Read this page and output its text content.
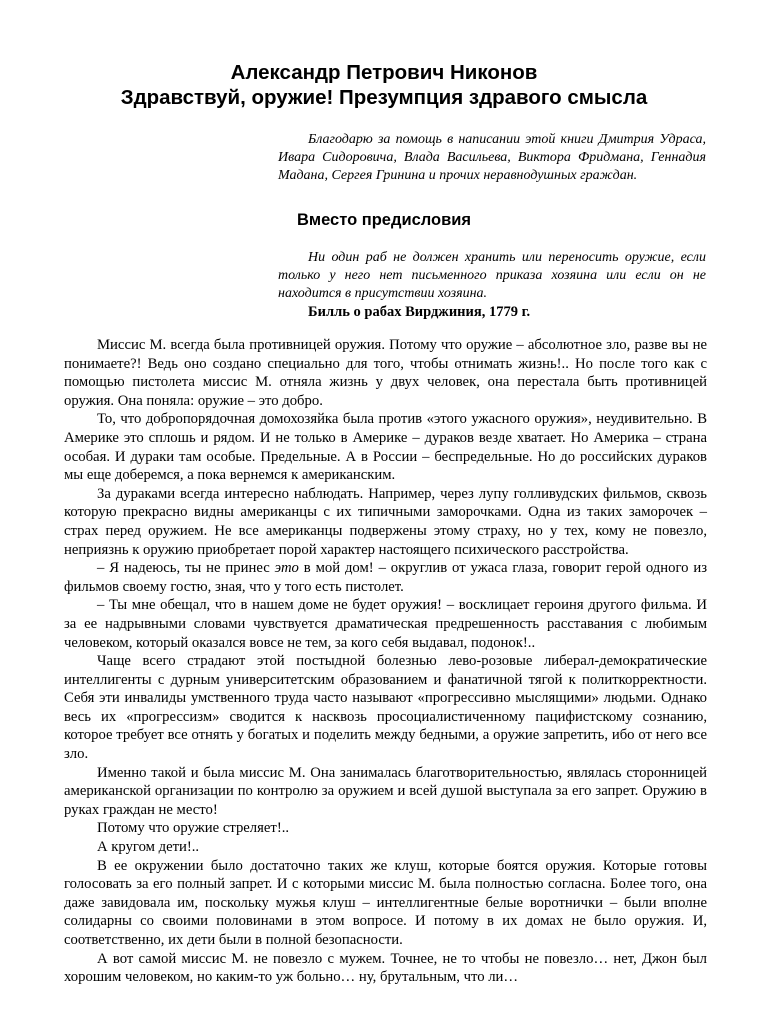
Александр Петрович Никонов
Здравствуй, оружие! Презумпция здравого смысла
Благодарю за помощь в написании этой книги Дмитрия Удраса, Ивара Сидоровича, Влада Васильева, Виктора Фридмана, Геннадия Мадана, Сергея Гринина и прочих неравнодушных граждан.
Вместо предисловия
Ни один раб не должен хранить или переносить оружие, если только у него нет письменного приказа хозяина или если он не находится в присутствии хозяина.
Билль о рабах Вирджиния, 1779 г.

Миссис М. всегда была противницей оружия. Потому что оружие – абсолютное зло, разве вы не понимаете?! Ведь оно создано специально для того, чтобы отнимать жизнь!.. Но после того как с помощью пистолета миссис М. отняла жизнь у двух человек, она перестала быть противницей оружия. Она поняла: оружие – это добро.

То, что добропорядочная домохозяйка была против «этого ужасного оружия», неудивительно. В Америке это сплошь и рядом. И не только в Америке – дураков везде хватает. Но Америка – страна особая. И дураки там особые. Предельные. А в России – беспредельные. Но до российских дураков мы еще доберемся, а пока вернемся к американским.

За дураками всегда интересно наблюдать. Например, через лупу голливудских фильмов, сквозь которую прекрасно видны американцы с их типичными заморочками. Одна из таких заморочек – страх перед оружием. Не все американцы подвержены этому страху, но у тех, кому не повезло, неприязнь к оружию приобретает порой характер настоящего психического расстройства.

– Я надеюсь, ты не принес это в мой дом! – округлив от ужаса глаза, говорит герой одного из фильмов своему гостю, зная, что у того есть пистолет.

– Ты мне обещал, что в нашем доме не будет оружия! – восклицает героиня другого фильма. И за ее надрывными словами чувствуется драматическая предрешенность расставания с любимым человеком, который оказался вовсе не тем, за кого себя выдавал, подонок!..

Чаще всего страдают этой постыдной болезнью лево-розовые либерал-демократические интеллигенты с дурным университетским образованием и фанатичной тягой к политкорректности. Себя эти инвалиды умственного труда часто называют «прогрессивно мыслящими» людьми. Однако весь их «прогрессизм» сводится к насквозь просоциалистиченному пацифистскому сознанию, которое требует все отнять у богатых и поделить между бедными, а оружие запретить, ибо от него все зло.

Именно такой и была миссис М. Она занималась благотворительностью, являлась сторонницей американской организации по контролю за оружием и всей душой выступала за его запрет. Оружию в руках граждан не место!

Потому что оружие стреляет!..

А кругом дети!..

В ее окружении было достаточно таких же клуш, которые боятся оружия. Которые готовы голосовать за его полный запрет. И с которыми миссис М. была полностью согласна. Более того, она даже завидовала им, поскольку мужья клуш – интеллигентные белые воротнички – были вполне солидарны со своими половинами в этом вопросе. И потому в их домах не было оружия. И, соответственно, их дети были в полной безопасности.

А вот самой миссис М. не повезло с мужем. Точнее, не то чтобы не повезло… нет, Джон был хорошим человеком, но каким-то уж больно… ну, брутальным, что ли…
